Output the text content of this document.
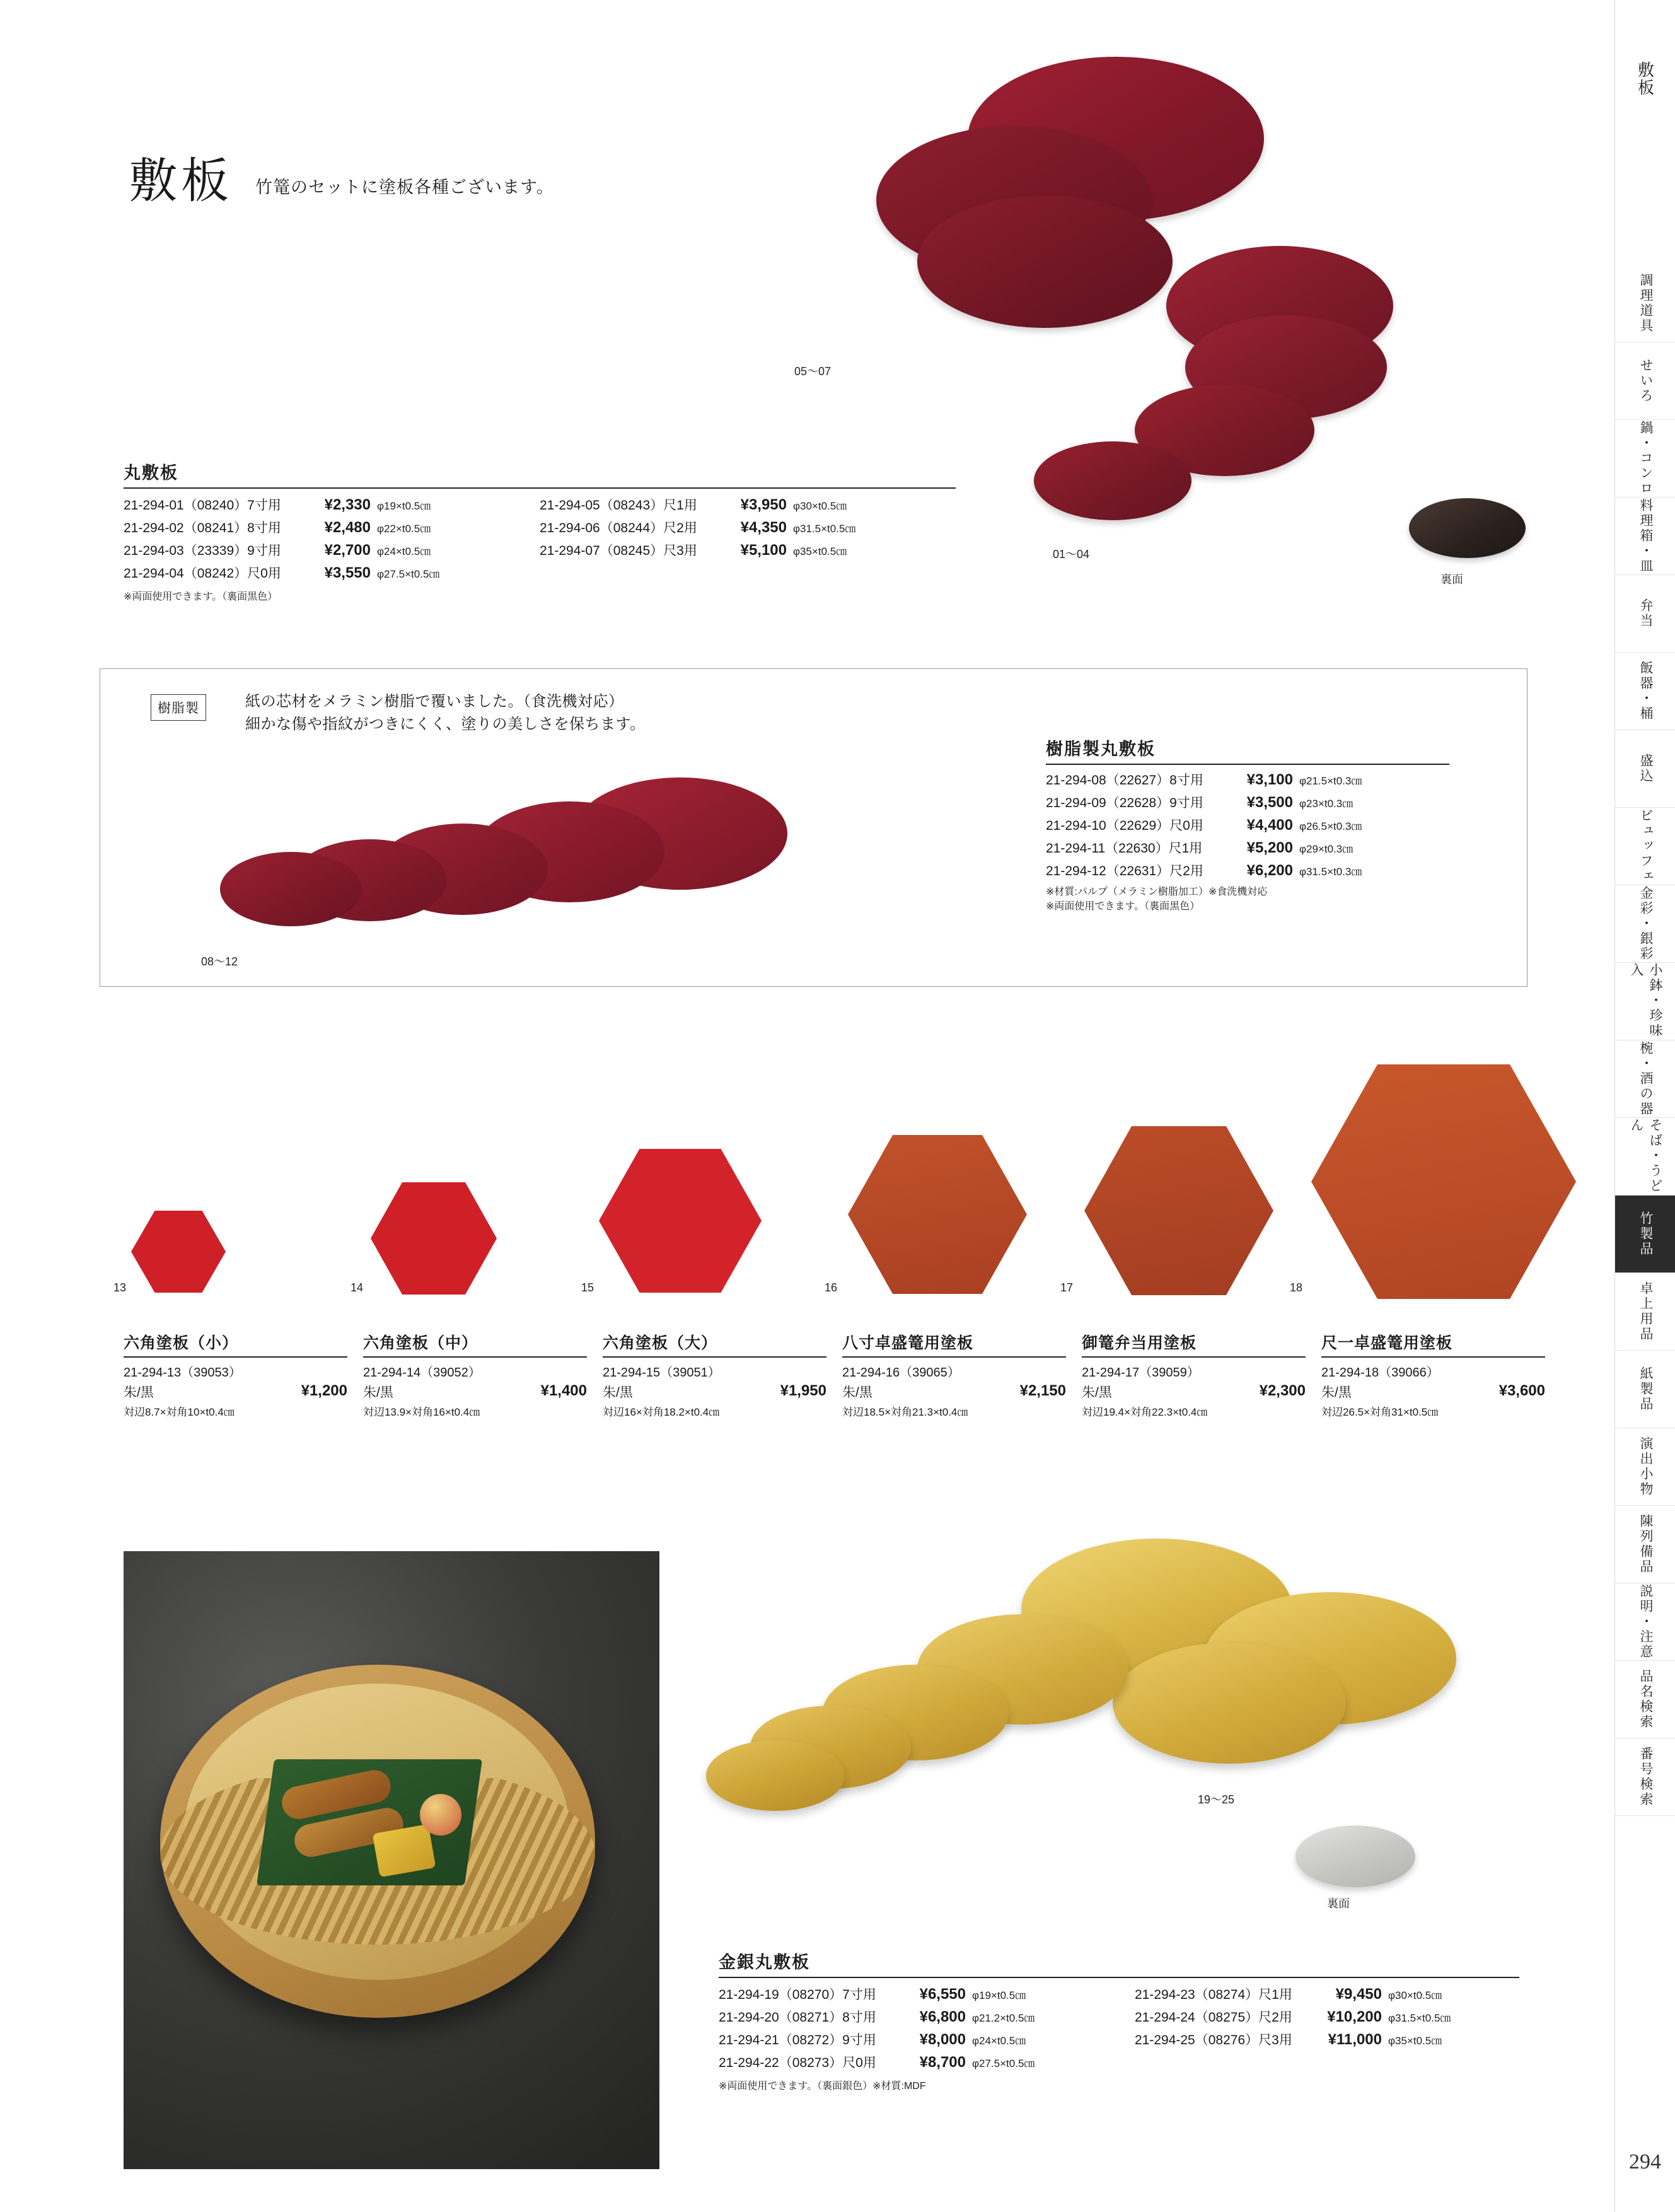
敷板 竹篭のセットに塗板各種ございます。
05〜07
01〜04
裏面
丸敷板
21-294-01（08240）7寸用	¥2,330 φ19×t0.5㎝
21-294-02（08241）8寸用	¥2,480 φ22×t0.5㎝
21-294-03（23339）9寸用	¥2,700 φ24×t0.5㎝
21-294-04（08242）尺0用	¥3,550 φ27.5×t0.5㎝
※両面使用できます。（裏面黒色）
21-294-05（08243）尺1用	¥3,950 φ30×t0.5㎝
21-294-06（08244）尺2用	¥4,350 φ31.5×t0.5㎝
21-294-07（08245）尺3用	¥5,100 φ35×t0.5㎝
樹脂製	紙の芯材をメラミン樹脂で覆いました。（食洗機対応）
細かな傷や指紋がつきにくく、塗りの美しさを保ちます。
08〜12
樹脂製丸敷板
21-294-08（22627）8寸用	¥3,100 φ21.5×t0.3㎝
21-294-09（22628）9寸用	¥3,500 φ23×t0.3㎝
21-294-10（22629）尺0用	¥4,400 φ26.5×t0.3㎝
21-294-11（22630）尺1用	¥5,200 φ29×t0.3㎝
21-294-12（22631）尺2用	¥6,200 φ31.5×t0.3㎝
※材質:パルプ（メラミン樹脂加工）※食洗機対応
※両面使用できます。（裏面黒色）
13	14	15	16	17	18
六角塗板（小）
21-294-13（39053）
朱/黒	¥1,200
対辺8.7×対角10×t0.4㎝
六角塗板（中）
21-294-14（39052）
朱/黒	¥1,400
対辺13.9×対角16×t0.4㎝
六角塗板（大）
21-294-15（39051）
朱/黒	¥1,950
対辺16×対角18.2×t0.4㎝
八寸卓盛篭用塗板
21-294-16（39065）
朱/黒	¥2,150
対辺18.5×対角21.3×t0.4㎝
御篭弁当用塗板
21-294-17（39059）
朱/黒	¥2,300
対辺19.4×対角22.3×t0.4㎝
尺一卓盛篭用塗板
21-294-18（39066）
朱/黒	¥3,600
対辺26.5×対角31×t0.5㎝
19〜25
裏面
金銀丸敷板
21-294-19（08270）7寸用	¥6,550 φ19×t0.5㎝
21-294-20（08271）8寸用	¥6,800 φ21.2×t0.5㎝
21-294-21（08272）9寸用	¥8,000 φ24×t0.5㎝
21-294-22（08273）尺0用	¥8,700 φ27.5×t0.5㎝
※両面使用できます。（裏面銀色）※材質:MDF
21-294-23（08274）尺1用	¥9,450 φ30×t0.5㎝
21-294-24（08275）尺2用	¥10,200 φ31.5×t0.5㎝
21-294-25（08276）尺3用	¥11,000 φ35×t0.5㎝
敷板
調理道具
せいろ
鍋・コンロ
料理箱・皿
弁当
飯器・桶
盛込
ビュッフェ
金彩・銀彩
小鉢・珍味入
椀・酒の器
そば・うどん
竹製品
卓上用品
紙製品
演出小物
陳列備品
説明・注意
品名検索
番号検索
294
